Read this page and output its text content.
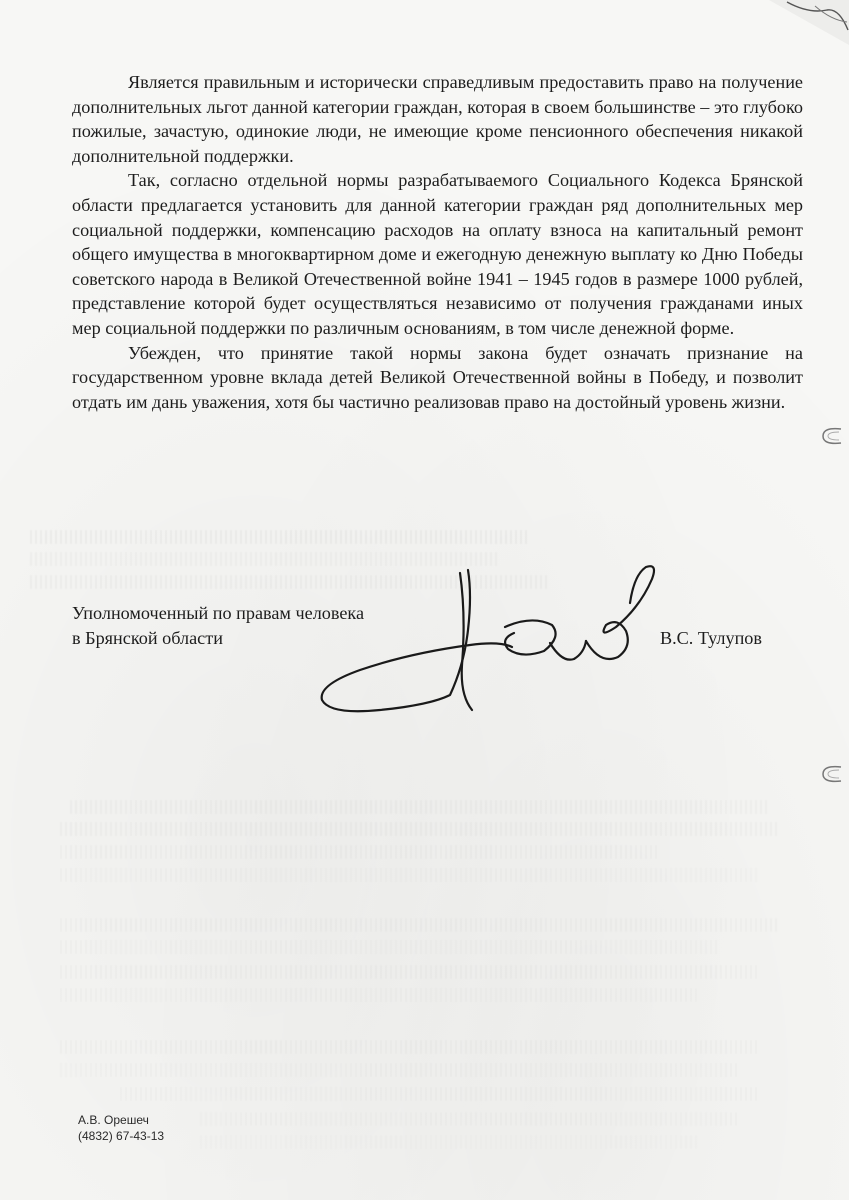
Является правильным и исторически справедливым предоставить право на получение дополнительных льгот данной категории граждан, которая в своем большинстве – это глубоко пожилые, зачастую, одинокие люди, не имеющие кроме пенсионного обеспечения никакой дополнительной поддержки.

Так, согласно отдельной нормы разрабатываемого Социального Кодекса Брянской области предлагается установить для данной категории граждан ряд дополнительных мер социальной поддержки, компенсацию расходов на оплату взноса на капитальный ремонт общего имущества в многоквартирном доме и ежегодную денежную выплату ко Дню Победы советского народа в Великой Отечественной войне 1941 – 1945 годов в размере 1000 рублей, представление которой будет осуществляться независимо от получения гражданами иных мер социальной поддержки по различным основаниям, в том числе денежной форме.

Убежден, что принятие такой нормы закона будет означать признание на государственном уровне вклада детей Великой Отечественной войны в Победу, и позволит отдать им дань уважения, хотя бы частично реализовав право на достойный уровень жизни.

Уполномоченный по правам человека
в Брянской области	В.С. Тулупов
А.В. Орешеч
(4832) 67-43-13
